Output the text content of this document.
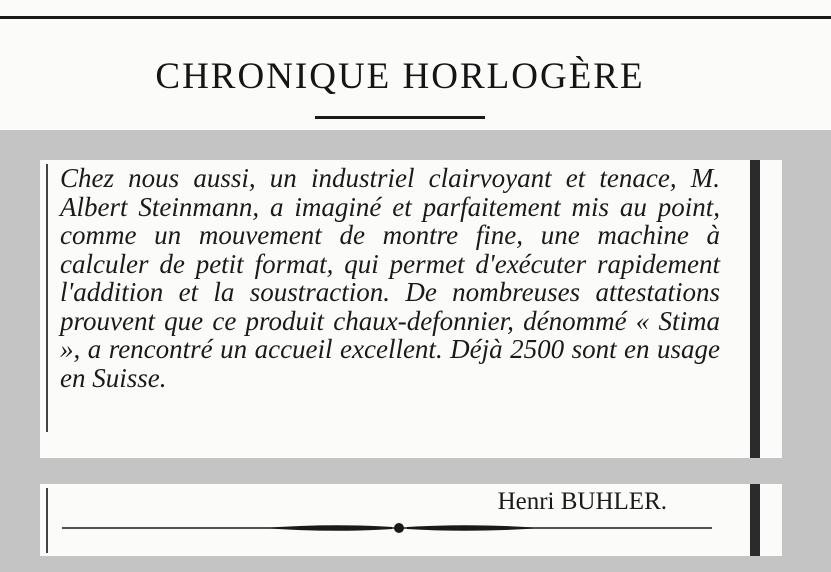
CHRONIQUE HORLOGÈRE

Chez nous aussi, un industriel clairvoyant et tenace, M. Albert Steinmann, a imaginé et parfaitement mis au point, comme un mouvement de montre fine, une machine à calculer de petit format, qui permet d'exécuter rapidement l'addition et la soustraction. De nombreuses attestations prouvent que ce produit chaux-defonnier, dénommé « Stima », a rencontré un accueil excellent. Déjà 2500 sont en usage en Suisse.

Henri BUHLER.
